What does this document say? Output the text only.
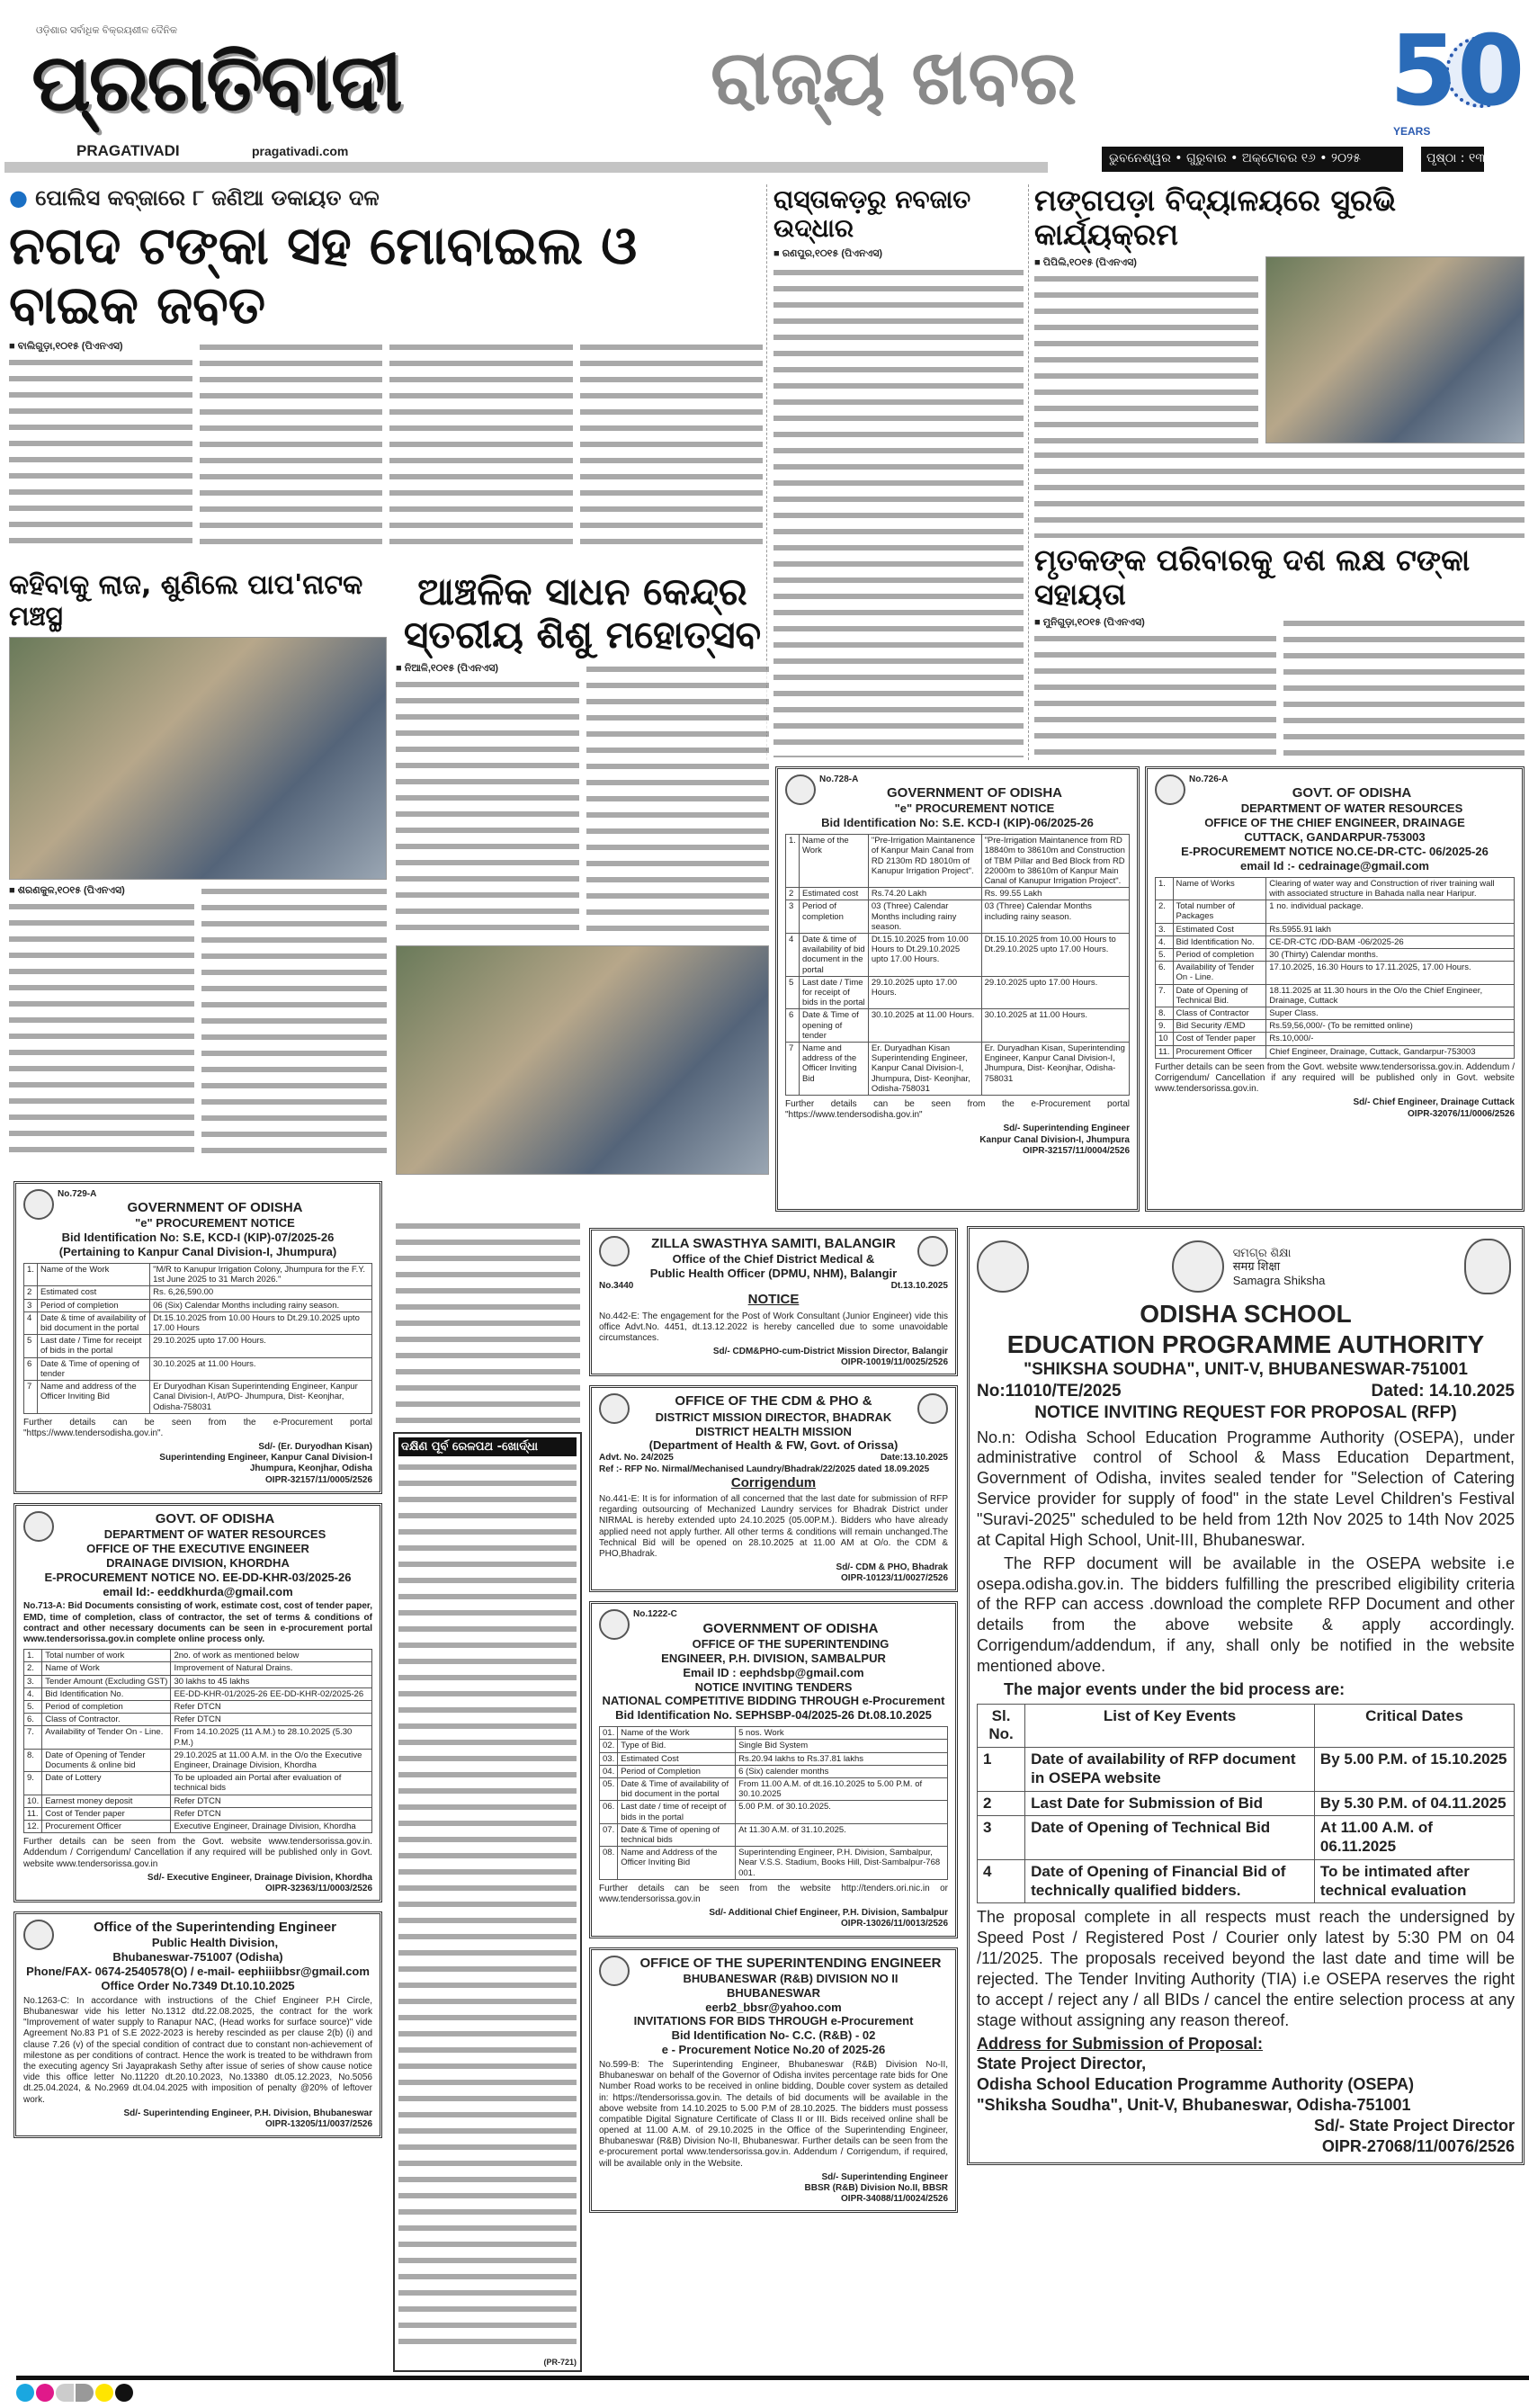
ଓଡ଼ିଶାର ସର୍ବାଧିକ ବିକ୍ରୟଶୀଳ ଦୈନିକ
ପ୍ରଗତିବାଦୀ
PRAGATIVADI	pragativadi.com
ରାଜ୍ୟ ଖବର	50
YEARS
ଭୁବନେଶ୍ୱର • ଗୁରୁବାର • ଅକ୍ଟୋବର ୧୬ • ୨୦୨୫	ପୃଷ୍ଠା : ୧୩
● ପୋଲିସ କବ୍ଜାରେ ୮ ଜଣିଆ ଡକାୟତ ଦଳ
ନଗଦ ଟଙ୍କା ସହ ମୋବାଇଲ ଓ ବାଇକ ଜବତ
■ ବାଲିଗୁଡ଼ା,୧୦୧୫ (ପିଏନଏସ)
ରାସ୍ତାକଡ଼ରୁ ନବଜାତ ଉଦ୍ଧାର
■ ରଣପୁର,୧୦୧୫ (ପିଏନଏସ)
ମଙ୍ଗପଡ଼ା ବିଦ୍ୟାଳୟରେ ସୁରଭି କାର୍ଯ୍ୟକ୍ରମ
■ ପିପିଲି,୧୦୧୫ (ପିଏନଏସ)
ମୃତକଙ୍କ ପରିବାରକୁ ଦଶ ଲକ୍ଷ ଟଙ୍କା ସହାୟତା
■ ମୁନିଗୁଡ଼ା,୧୦୧୫ (ପିଏନଏସ)
କହିବାକୁ ଲାଜ, ଶୁଣିଲେ ପାପ'ନାଟକ ମଞ୍ଚସ୍ଥ
■ ଶରଣକୁଳ,୧୦୧୫ (ପିଏନଏସ)
ଆଞ୍ଚଳିକ ସାଧନ କେନ୍ଦ୍ର ସ୍ତରୀୟ ଶିଶୁ ମହୋତ୍ସବ
■ ନିଆଳି,୧୦୧୫ (ପିଏନଏସ)
ଦକ୍ଷିଣ ପୂର୍ବ ରେଳପଥ -ଖୋର୍ଦ୍ଧା
(PR-721)
No.728-A
GOVERNMENT OF ODISHA
"e" PROCUREMENT NOTICE
Bid Identification No: S.E. KCD-I (KIP)-06/2025-26
1.	Name of the Work	"Pre-Irrigation Maintanence of Kanpur Main Canal from RD 2130m RD 18010m of Kanupur Irrigation Project".	"Pre-Irrigation Maintanence from RD 18840m to 38610m and Construction of TBM Pillar and Bed Block from RD 22000m to 38610m of Kanpur Main Canal of Kanupur Irrigation Project".
2	Estimated cost	Rs.74.20 Lakh	Rs. 99.55 Lakh
3	Period of completion	03 (Three) Calendar Months including rainy season.	03 (Three) Calendar Months including rainy season.
4	Date & time of availability of bid document in the portal	Dt.15.10.2025 from 10.00 Hours to Dt.29.10.2025 upto 17.00 Hours.	Dt.15.10.2025 from 10.00 Hours to Dt.29.10.2025 upto 17.00 Hours.
5	Last date / Time for receipt of bids in the portal	29.10.2025 upto 17.00 Hours.	29.10.2025 upto 17.00 Hours.
6	Date & Time of opening of tender	30.10.2025 at 11.00 Hours.	30.10.2025 at 11.00 Hours.
7	Name and address of the Officer Inviting Bid	Er. Duryadhan Kisan Superintending Engineer, Kanpur Canal Division-I, Jhumpura, Dist- Keonjhar, Odisha-758031	Er. Duryadhan Kisan, Superintending Engineer, Kanpur Canal Division-I, Jhumpura, Dist- Keonjhar, Odisha-758031

Further details can be seen from the e-Procurement portal "https://www.tendersodisha.gov.in"

Sd/- Superintending Engineer
Kanpur Canal Division-I, Jhumpura
OIPR-32157/11/0004/2526
No.726-A
GOVT. OF ODISHA
DEPARTMENT OF WATER RESOURCES
OFFICE OF THE CHIEF ENGINEER, DRAINAGE
CUTTACK, GANDARPUR-753003
E-PROCUREMEMT NOTICE NO.CE-DR-CTC- 06/2025-26
email Id :- cedrainage@gmail.com
1.	Name of Works	Clearing of water way and Construction of river training wall with associated structure in Bahada nalla near Haripur.
2.	Total number of Packages	1 no. individual package.
3.	Estimated Cost	Rs.5955.91 lakh
4.	Bid Identification No.	CE-DR-CTC /DD-BAM -06/2025-26
5.	Period of completion	30 (Thirty) Calendar months.
6.	Availability of Tender On - Line.	17.10.2025, 16.30 Hours to 17.11.2025, 17.00 Hours.
7.	Date of Opening of Technical Bid.	18.11.2025 at 11.30 hours in the O/o the Chief Engineer, Drainage, Cuttack
8.	Class of Contractor	Super Class.
9.	Bid Security /EMD	Rs.59,56,000/- (To be remitted online)
10	Cost of Tender paper	Rs.10,000/-
11.	Procurement Officer	Chief Engineer, Drainage, Cuttack, Gandarpur-753003

Further details can be seen from the Govt. website www.tendersorissa.gov.in. Addendum / Corrigendum/ Cancellation if any required will be published only in Govt. website www.tendersorissa.gov.in.

Sd/- Chief Engineer, Drainage Cuttack
OIPR-32076/11/0006/2526
No.729-A
GOVERNMENT OF ODISHA
"e" PROCUREMENT NOTICE
Bid Identification No: S.E, KCD-I (KIP)-07/2025-26
(Pertaining to Kanpur Canal Division-I, Jhumpura)
1.	Name of the Work	"M/R to Kanupur Irrigation Colony, Jhumpura for the F.Y. 1st June 2025 to 31 March 2026."
2	Estimated cost	Rs. 6,26,590.00
3	Period of completion	06 (Six) Calendar Months including rainy season.
4	Date & time of availability of bid document in the portal	Dt.15.10.2025 from 10.00 Hours to Dt.29.10.2025 upto 17.00 Hours
5	Last date / Time for receipt of bids in the portal	29.10.2025 upto 17.00 Hours.
6	Date & Time of opening of tender	30.10.2025 at 11.00 Hours.
7	Name and address of the Officer Inviting Bid	Er Duryodhan Kisan Superintending Engineer, Kanpur Canal Division-I, At/PO- Jhumpura, Dist- Keonjhar, Odisha-758031

Further details can be seen from the e-Procurement portal "https://www.tendersodisha.gov.in".

Sd/- (Er. Duryodhan Kisan)
Superintending Engineer, Kanpur Canal Division-I
Jhumpura, Keonjhar, Odisha
OIPR-32157/11/0005/2526
GOVT. OF ODISHA
DEPARTMENT OF WATER RESOURCES
OFFICE OF THE EXECUTIVE ENGINEER
DRAINAGE DIVISION, KHORDHA
E-PROCUREMENT NOTICE NO. EE-DD-KHR-03/2025-26
email Id:- eeddkhurda@gmail.com

No.713-A: Bid Documents consisting of work, estimate cost, cost of tender paper, EMD, time of completion, class of contractor, the set of terms & conditions of contract and other necessary documents can be seen in e-procurement portal www.tendersorissa.gov.in complete online process only.

1.	Total number of work	2no. of work as mentioned below
2.	Name of Work	Improvement of Natural Drains.
3.	Tender Amount (Excluding GST)	30 lakhs to 45 lakhs
4.	Bid Identification No.	EE-DD-KHR-01/2025-26 EE-DD-KHR-02/2025-26
5.	Period of completion	Refer DTCN
6.	Class of Contractor.	Refer DTCN
7.	Availability of Tender On - Line.	From 14.10.2025 (11 A.M.) to 28.10.2025 (5.30 P.M.)
8.	Date of Opening of Tender Documents & online bid	29.10.2025 at 11.00 A.M. in the O/o the Executive Engineer, Drainage Division, Khordha
9.	Date of Lottery	To be uploaded ain Portal after evaluation of technical bids
10.	Earnest money deposit	Refer DTCN
11.	Cost of Tender paper	Refer DTCN
12.	Procurement Officer	Executive Engineer, Drainage Division, Khordha

Further details can be seen from the Govt. website www.tendersorissa.gov.in. Addendum / Corrigendum/ Cancellation if any required will be published only in Govt. website www.tendersorissa.gov.in

Sd/- Executive Engineer, Drainage Division, Khordha
OIPR-32363/11/0003/2526
Office of the Superintending Engineer
Public Health Division,
Bhubaneswar-751007 (Odisha)
Phone/FAX- 0674-2540578(O) / e-mail- eephiiibbsr@gmail.com
Office Order No.7349 Dt.10.10.2025

No.1263-C: In accordance with instructions of the Chief Engineer P.H Circle, Bhubaneswar vide his letter No.1312 dtd.22.08.2025, the contract for the work "Improvement of water supply to Ranapur NAC, (Head works for surface source)" vide Agreement No.83 P1 of S.E 2022-2023 is hereby rescinded as per clause 2(b) (i) and clause 7.26 (v) of the special condition of contract due to constant non-achievement of milestone as per conditions of contract. Hence the work is treated to be withdrawn from the executing agency Sri Jayaprakash Sethy after issue of series of show cause notice vide this office letter No.11220 dt.20.10.2023, No.13380 dt.05.12.2023, No.5056 dt.25.04.2024, & No.2969 dt.04.04.2025 with imposition of penalty @20% of leftover work.

Sd/- Superintending Engineer, P.H. Division, Bhubaneswar
OIPR-13205/11/0037/2526
ZILLA SWASTHYA SAMITI, BALANGIR
Office of the Chief District Medical &
Public Health Officer (DPMU, NHM), Balangir
No.3440	Dt.13.10.2025
NOTICE

No.442-E: The engagement for the Post of Work Consultant (Junior Engineer) vide this office Advt.No. 4451, dt.13.12.2022 is hereby cancelled due to some unavoidable circumstances.

Sd/- CDM&PHO-cum-District Mission Director, Balangir
OIPR-10019/11/0025/2526
OFFICE OF THE CDM & PHO &
DISTRICT MISSION DIRECTOR, BHADRAK
DISTRICT HEALTH MISSION
(Department of Health & FW, Govt. of Orissa)
Advt. No. 24/2025	Date:13.10.2025
Ref :- RFP No. Nirmal/Mechanised Laundry/Bhadrak/22/2025 dated 18.09.2025
Corrigendum

No.441-E: It is for information of all concerned that the last date for submission of RFP regarding outsourcing of Mechanized Laundry services for Bhadrak District under NIRMAL is hereby extended upto 24.10.2025 (05.00P.M.). Bidders who have already applied need not apply further. All other terms & conditions will remain unchanged.The Technical Bid will be opened on 28.10.2025 at 11.00 AM at O/o. the CDM & PHO,Bhadrak.

Sd/- CDM & PHO, Bhadrak
OIPR-10123/11/0027/2526
No.1222-C
GOVERNMENT OF ODISHA
OFFICE OF THE SUPERINTENDING
ENGINEER, P.H. DIVISION, SAMBALPUR
Email ID : eephdsbp@gmail.com
NOTICE INVITING TENDERS
NATIONAL COMPETITIVE BIDDING THROUGH e-Procurement
Bid Identification No. SEPHSBP-04/2025-26 Dt.08.10.2025
01.	Name of the Work	5 nos. Work
02.	Type of Bid.	Single Bid System
03.	Estimated Cost	Rs.20.94 lakhs to Rs.37.81 lakhs
04.	Period of Completion	6 (Six) calender months
05.	Date & Time of availability of bid document in the portal	From 11.00 A.M. of dt.16.10.2025 to 5.00 P.M. of 30.10.2025
06.	Last date / time of receipt of bids in the portal	5.00 P.M. of 30.10.2025.
07.	Date & Time of opening of technical bids	At 11.30 A.M. of 31.10.2025.
08.	Name and Address of the Officer Inviting Bid	Superintending Engineer, P.H. Division, Sambalpur, Near V.S.S. Stadium, Books Hill, Dist-Sambalpur-768 001.

Further details can be seen from the website http://tenders.ori.nic.in or www.tendersorissa.gov.in

Sd/- Additional Chief Engineer, P.H. Division, Sambalpur
OIPR-13026/11/0013/2526
OFFICE OF THE SUPERINTENDING ENGINEER
BHUBANESWAR (R&B) DIVISION NO II
BHUBANESWAR
eerb2_bbsr@yahoo.com
INVITATIONS FOR BIDS THROUGH e-Procurement
Bid Identification No- C.C. (R&B) - 02
e - Procurement Notice No.20 of 2025-26

No.599-B: The Superintending Engineer, Bhubaneswar (R&B) Division No-II, Bhubaneswar on behalf of the Governor of Odisha invites percentage rate bids for One Number Road works to be received in online bidding, Double cover system as detailed in: https://tendersorissa.gov.in. The details of bid documents will be available in the above website from 14.10.2025 to 5.00 P.M of 28.10.2025. The bidders must possess compatible Digital Signature Certificate of Class II or III. Bids received online shall be opened at 11.00 A.M. of 29.10.2025 in the Office of the Superintending Engineer, Bhubaneswar (R&B) Division No-II, Bhubaneswar. Further details can be seen from the e-procurement portal www.tendersorissa.gov.in. Addendum / Corrigendum, if required, will be available only in the Website.

Sd/- Superintending Engineer
BBSR (R&B) Division No.II, BBSR
OIPR-34088/11/0024/2526
ସମଗ୍ର ଶିକ୍ଷା
समग्र शिक्षा
Samagra Shiksha
ODISHA SCHOOL
EDUCATION PROGRAMME AUTHORITY
"SHIKSHA SOUDHA", UNIT-V, BHUBANESWAR-751001
No:11010/TE/2025	Dated: 14.10.2025
NOTICE INVITING REQUEST FOR PROPOSAL (RFP)

No.n: Odisha School Education Programme Authority (OSEPA), under administrative control of School & Mass Education Department, Government of Odisha, invites sealed tender for "Selection of Catering Service provider for supply of food" in the state Level Children's Festival "Suravi-2025" scheduled to be held from 12th Nov 2025 to 14th Nov 2025 at Capital High School, Unit-III, Bhubaneswar.

The RFP document will be available in the OSEPA website i.e osepa.odisha.gov.in. The bidders fulfilling the prescribed eligibility criteria of the RFP can access .download the complete RFP Document and other details from the above website & apply accordingly. Corrigendum/addendum, if any, shall only be notified in the website mentioned above.

The major events under the bid process are:
Sl. No.	List of Key Events	Critical Dates
1	Date of availability of RFP document in OSEPA website	By 5.00 P.M. of 15.10.2025
2	Last Date for Submission of Bid	By 5.30 P.M. of 04.11.2025
3	Date of Opening of Technical Bid	At 11.00 A.M. of 06.11.2025
4	Date of Opening of Financial Bid of technically qualified bidders.	To be intimated after technical evaluation

The proposal complete in all respects must reach the undersigned by Speed Post / Registered Post / Courier only latest by 5:30 PM on 04 /11/2025. The proposals received beyond the last date and time will be rejected. The Tender Inviting Authority (TIA) i.e OSEPA reserves the right to accept / reject any / all BIDs / cancel the entire selection process at any stage without assigning any reason thereof.

Address for Submission of Proposal:
State Project Director,
Odisha School Education Programme Authority (OSEPA)
"Shiksha Soudha", Unit-V, Bhubaneswar, Odisha-751001
Sd/- State Project Director
OIPR-27068/11/0076/2526
